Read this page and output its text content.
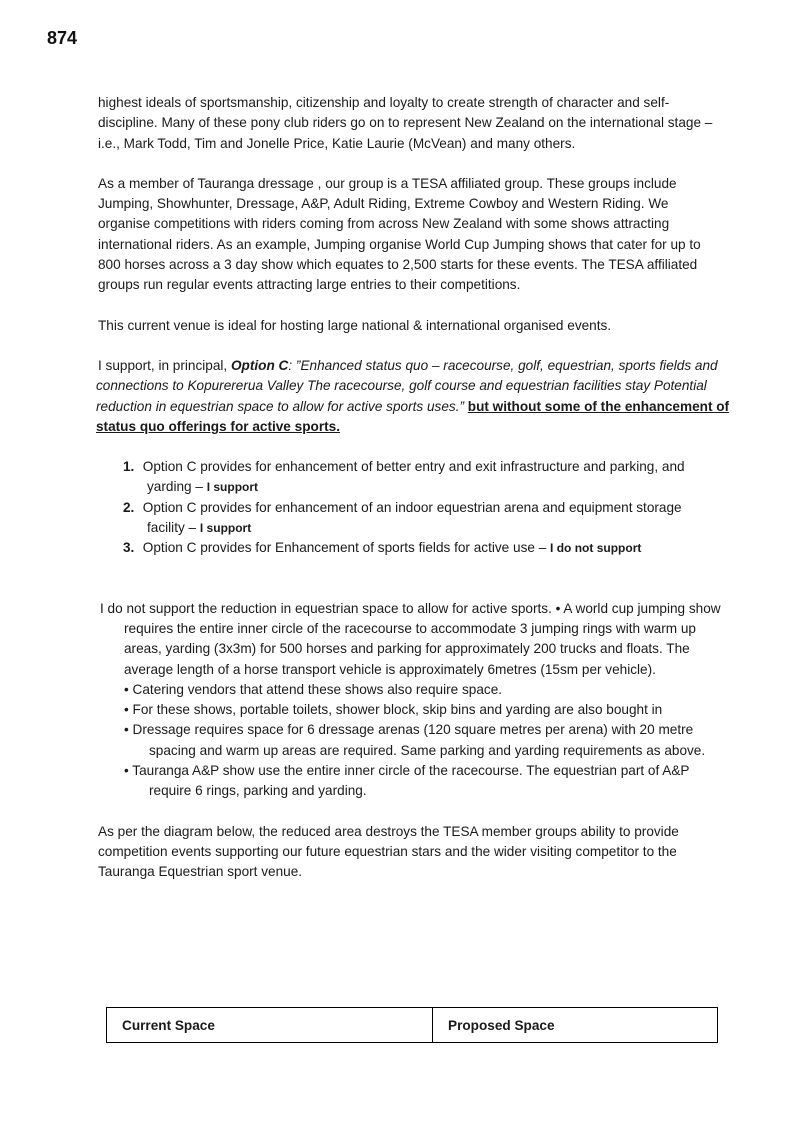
874

highest ideals of sportsmanship, citizenship and loyalty to create strength of character and self-discipline. Many of these pony club riders go on to represent New Zealand on the international stage – i.e., Mark Todd, Tim and Jonelle Price, Katie Laurie (McVean) and many others.

As a member of Tauranga dressage , our group is a TESA affiliated group. These groups include Jumping, Showhunter, Dressage, A&P, Adult Riding, Extreme Cowboy and Western Riding. We organise competitions with riders coming from across New Zealand with some shows attracting international riders. As an example, Jumping organise World Cup Jumping shows that cater for up to 800 horses across a 3 day show which equates to 2,500 starts for these events. The TESA affiliated groups run regular events attracting large entries to their competitions.

This current venue is ideal for hosting large national & international organised events.

I support, in principal, Option C: ”Enhanced status quo – racecourse, golf, equestrian, sports fields and connections to Kopurererua Valley The racecourse, golf course and equestrian facilities stay Potential reduction in equestrian space to allow for active sports uses.” but without some of the enhancement of status quo offerings for active sports.

1. Option C provides for enhancement of better entry and exit infrastructure and parking, and yarding – I support
2. Option C provides for enhancement of an indoor equestrian arena and equipment storage facility – I support
3. Option C provides for Enhancement of sports fields for active use – I do not support

I do not support the reduction in equestrian space to allow for active sports. • A world cup jumping show requires the entire inner circle of the racecourse to accommodate 3 jumping rings with warm up areas, yarding (3x3m) for 500 horses and parking for approximately 200 trucks and floats. The average length of a horse transport vehicle is approximately 6metres (15sm per vehicle).

• Catering vendors that attend these shows also require space.
• For these shows, portable toilets, shower block, skip bins and yarding are also bought in
• Dressage requires space for 6 dressage arenas (120 square metres per arena) with 20 metre spacing and warm up areas are required. Same parking and yarding requirements as above.
• Tauranga A&P show use the entire inner circle of the racecourse. The equestrian part of A&P require 6 rings, parking and yarding.

As per the diagram below, the reduced area destroys the TESA member groups ability to provide competition events supporting our future equestrian stars and the wider visiting competitor to the Tauranga Equestrian sport venue.

Current Space	Proposed Space
